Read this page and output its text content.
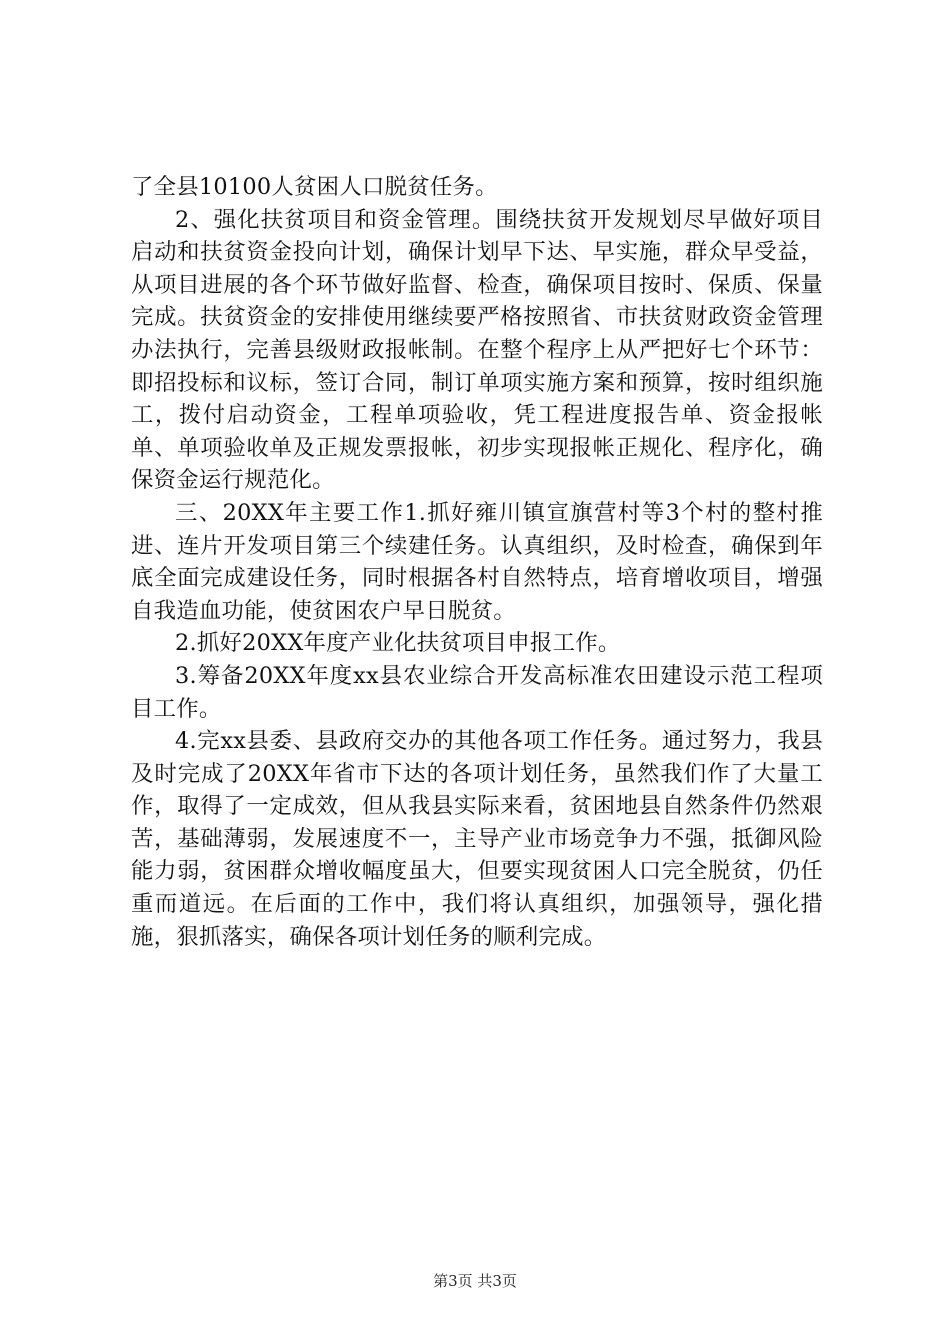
了全县10100人贫困人口脱贫任务。

2、强化扶贫项目和资金管理。围绕扶贫开发规划尽早做好项目启动和扶贫资金投向计划，确保计划早下达、早实施，群众早受益，从项目进展的各个环节做好监督、检查，确保项目按时、保质、保量完成。扶贫资金的安排使用继续要严格按照省、市扶贫财政资金管理办法执行，完善县级财政报帐制。在整个程序上从严把好七个环节：即招投标和议标，签订合同，制订单项实施方案和预算，按时组织施工，拨付启动资金，工程单项验收，凭工程进度报告单、资金报帐单、单项验收单及正规发票报帐，初步实现报帐正规化、程序化，确保资金运行规范化。

三、20XX年主要工作1.抓好雍川镇宣旗营村等3个村的整村推进、连片开发项目第三个续建任务。认真组织，及时检查，确保到年底全面完成建设任务，同时根据各村自然特点，培育增收项目，增强自我造血功能，使贫困农户早日脱贫。

2.抓好20XX年度产业化扶贫项目申报工作。

3.筹备20XX年度xx县农业综合开发高标准农田建设示范工程项目工作。

4.完xx县委、县政府交办的其他各项工作任务。通过努力，我县及时完成了20XX年省市下达的各项计划任务，虽然我们作了大量工作，取得了一定成效，但从我县实际来看，贫困地县自然条件仍然艰苦，基础薄弱，发展速度不一，主导产业市场竞争力不强，抵御风险能力弱，贫困群众增收幅度虽大，但要实现贫困人口完全脱贫，仍任重而道远。在后面的工作中，我们将认真组织，加强领导，强化措施，狠抓落实，确保各项计划任务的顺利完成。

第3页 共3页
